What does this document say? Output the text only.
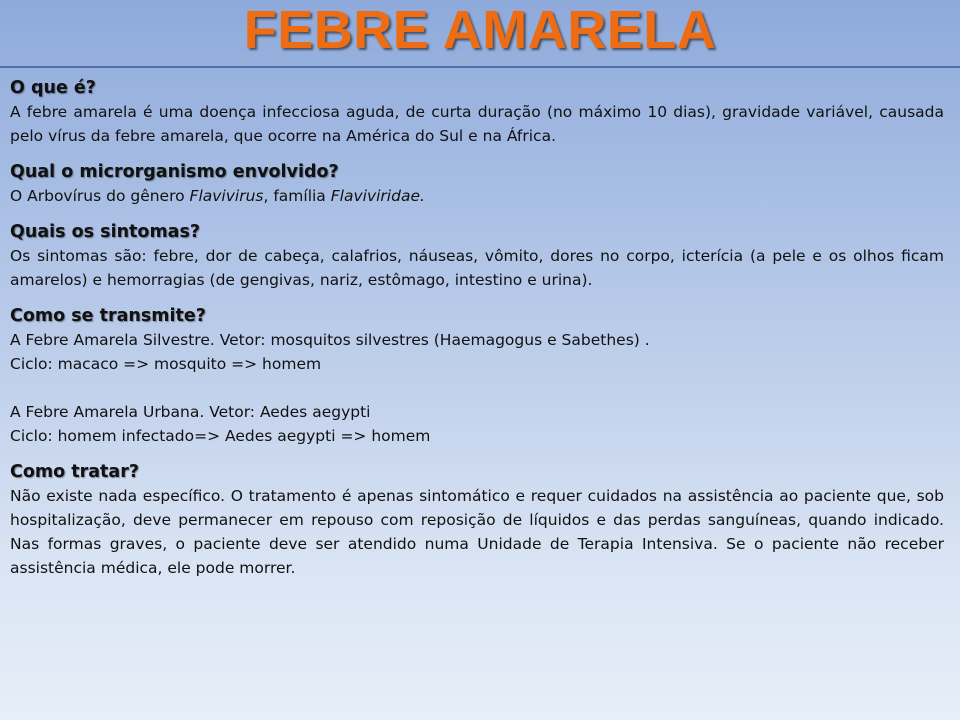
FEBRE AMARELA
O que é?
A febre amarela é uma doença infecciosa aguda, de curta duração (no máximo 10 dias), gravidade variável, causada pelo vírus da febre amarela, que ocorre na América do Sul e na África.
Qual o microrganismo envolvido?
O Arbovírus do gênero Flavivirus, família Flaviviridae.
Quais os sintomas?
Os sintomas são: febre, dor de cabeça, calafrios, náuseas, vômito, dores no corpo, icterícia (a pele e os olhos ficam amarelos) e hemorragias (de gengivas, nariz, estômago, intestino e urina).
Como se transmite?
A Febre Amarela Silvestre. Vetor: mosquitos silvestres (Haemagogus e Sabethes) .
Ciclo: macaco => mosquito => homem
A Febre Amarela Urbana. Vetor: Aedes aegypti
Ciclo: homem infectado=> Aedes aegypti => homem
Como tratar?
Não existe nada específico. O tratamento é apenas sintomático e requer cuidados na assistência ao paciente que, sob hospitalização, deve permanecer em repouso com reposição de líquidos e das perdas sanguíneas, quando indicado. Nas formas graves, o paciente deve ser atendido numa Unidade de Terapia Intensiva. Se o paciente não receber assistência médica, ele pode morrer.
